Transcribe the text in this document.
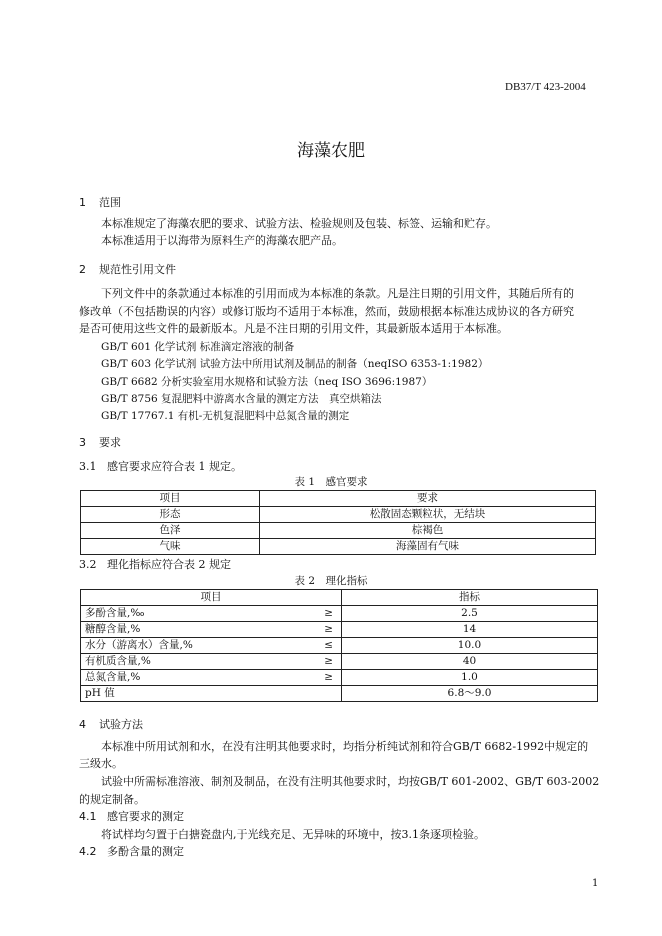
DB37/T 423-2004
海藻农肥
1 范围
本标准规定了海藻农肥的要求、试验方法、检验规则及包装、标签、运输和贮存。
本标准适用于以海带为原料生产的海藻农肥产品。
2 规范性引用文件
下列文件中的条款通过本标准的引用而成为本标准的条款。凡是注日期的引用文件，其随后所有的
修改单（不包括勘误的内容）或修订版均不适用于本标准，然而，鼓励根据本标准达成协议的各方研究
是否可使用这些文件的最新版本。凡是不注日期的引用文件，其最新版本适用于本标准。
GB/T 601 化学试剂 标准滴定溶液的制备
GB/T 603 化学试剂 试验方法中所用试剂及制品的制备（neqISO 6353-1:1982）
GB/T 6682 分析实验室用水规格和试验方法（neq ISO 3696:1987）
GB/T 8756 复混肥料中游离水含量的测定方法　真空烘箱法
GB/T 17767.1 有机-无机复混肥料中总氮含量的测定
3 要求
3.1 感官要求应符合表 1 规定。
表 1　感官要求
项目	要求
形态	松散固态颗粒状，无结块
色泽	棕褐色
气味	海藻固有气味
3.2 理化指标应符合表 2 规定
表 2　理化指标
项目	指标
多酚含量,‰ ≥	2.5
糖醇含量,% ≥	14
水分（游离水）含量,% ≤	10.0
有机质含量,% ≥	40
总氮含量,% ≥	1.0
pH 值	6.8～9.0
4 试验方法
本标准中所用试剂和水，在没有注明其他要求时，均指分析纯试剂和符合GB/T 6682-1992中规定的
三级水。
试验中所需标准溶液、制剂及制品，在没有注明其他要求时，均按GB/T 601-2002、GB/T 603-2002
的规定制备。
4.1 感官要求的测定
将试样均匀置于白搪瓷盘内,于光线充足、无异味的环境中，按3.1条逐项检验。
4.2 多酚含量的测定
1
